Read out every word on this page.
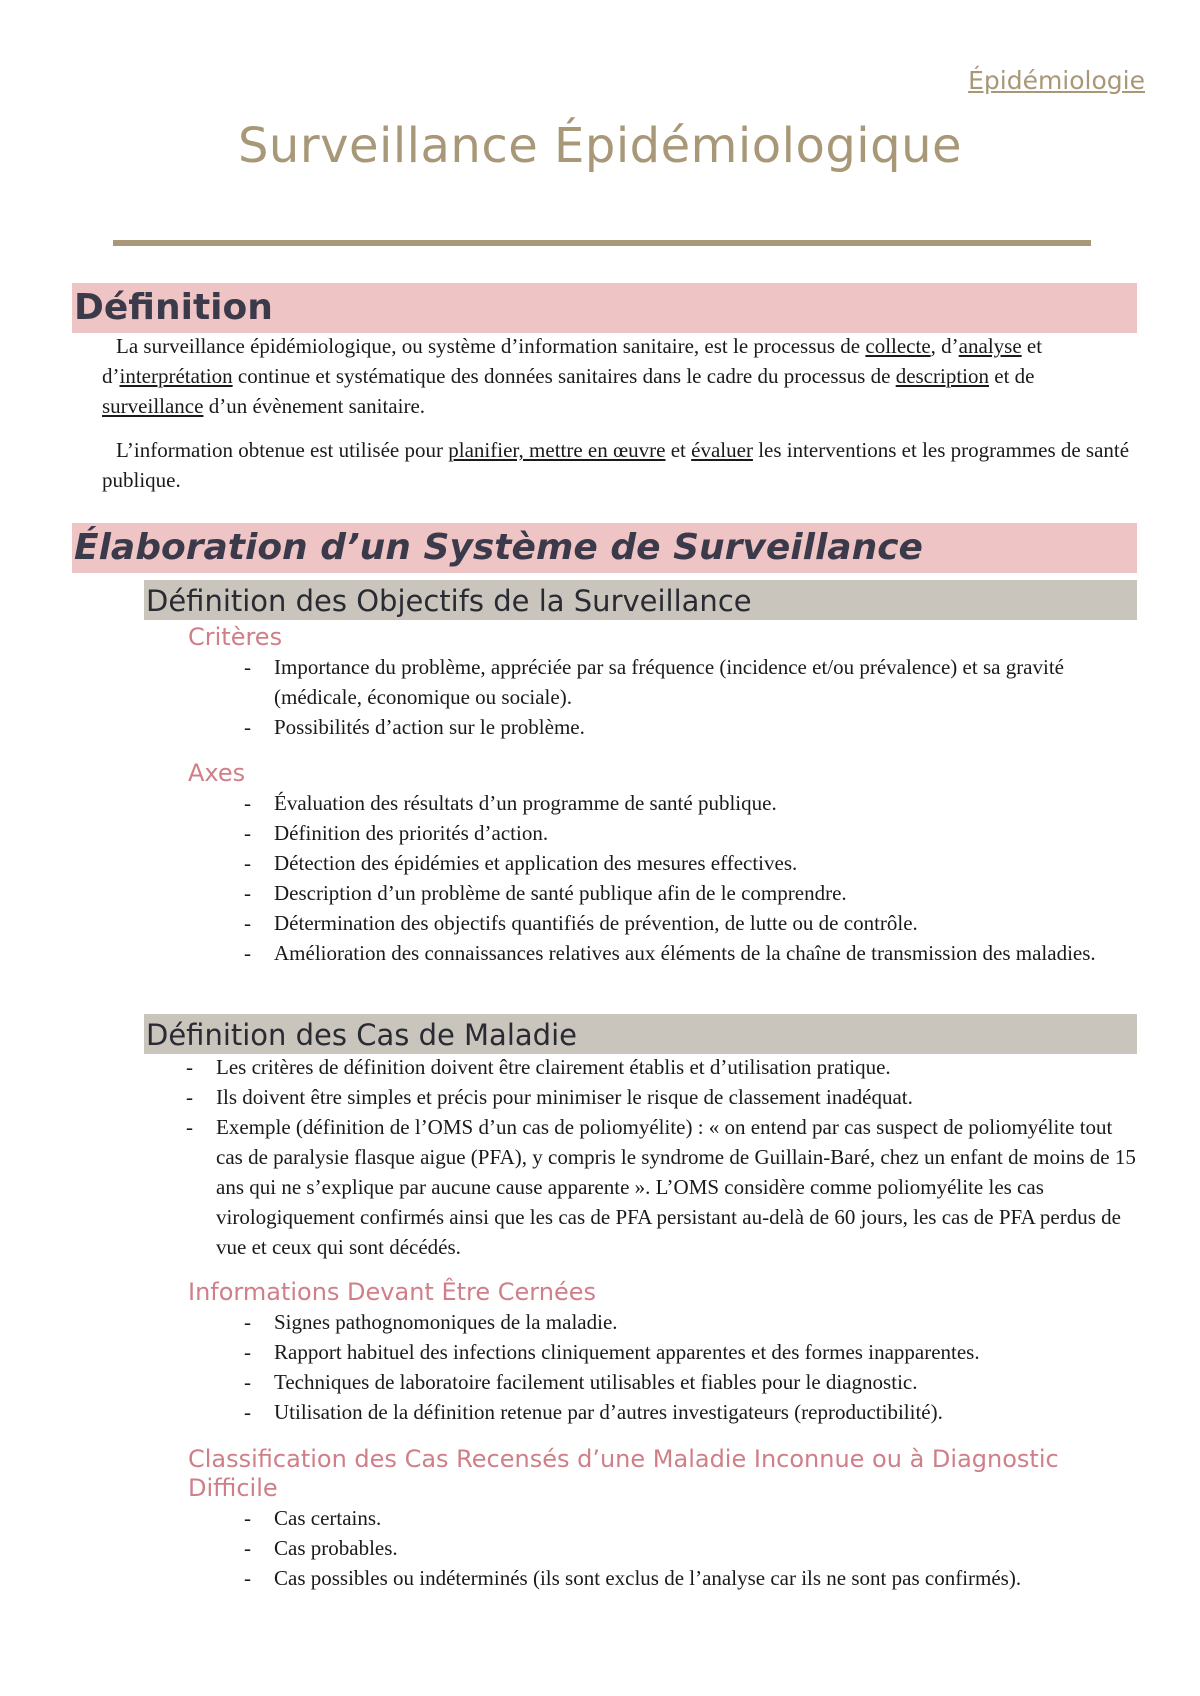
Épidémiologie
Surveillance Épidémiologique
Définition
La surveillance épidémiologique, ou système d’information sanitaire, est le processus de collecte, d’analyse et d’interprétation continue et systématique des données sanitaires dans le cadre du processus de description et de surveillance d’un évènement sanitaire.
L’information obtenue est utilisée pour planifier, mettre en œuvre et évaluer les interventions et les programmes de santé publique.
Élaboration d’un Système de Surveillance
Définition des Objectifs de la Surveillance
Critères
- Importance du problème, appréciée par sa fréquence (incidence et/ou prévalence) et sa gravité (médicale, économique ou sociale).
- Possibilités d’action sur le problème.
Axes
- Évaluation des résultats d’un programme de santé publique.
- Définition des priorités d’action.
- Détection des épidémies et application des mesures effectives.
- Description d’un problème de santé publique afin de le comprendre.
- Détermination des objectifs quantifiés de prévention, de lutte ou de contrôle.
- Amélioration des connaissances relatives aux éléments de la chaîne de transmission des maladies.
Définition des Cas de Maladie
- Les critères de définition doivent être clairement établis et d’utilisation pratique.
- Ils doivent être simples et précis pour minimiser le risque de classement inadéquat.
- Exemple (définition de l’OMS d’un cas de poliomyélite) : « on entend par cas suspect de poliomyélite tout cas de paralysie flasque aigue (PFA), y compris le syndrome de Guillain-Baré, chez un enfant de moins de 15 ans qui ne s’explique par aucune cause apparente ». L’OMS considère comme poliomyélite les cas virologiquement confirmés ainsi que les cas de PFA persistant au-delà de 60 jours, les cas de PFA perdus de vue et ceux qui sont décédés.
Informations Devant Être Cernées
- Signes pathognomoniques de la maladie.
- Rapport habituel des infections cliniquement apparentes et des formes inapparentes.
- Techniques de laboratoire facilement utilisables et fiables pour le diagnostic.
- Utilisation de la définition retenue par d’autres investigateurs (reproductibilité).
Classification des Cas Recensés d’une Maladie Inconnue ou à Diagnostic
Difficile
- Cas certains.
- Cas probables.
- Cas possibles ou indéterminés (ils sont exclus de l’analyse car ils ne sont pas confirmés).
